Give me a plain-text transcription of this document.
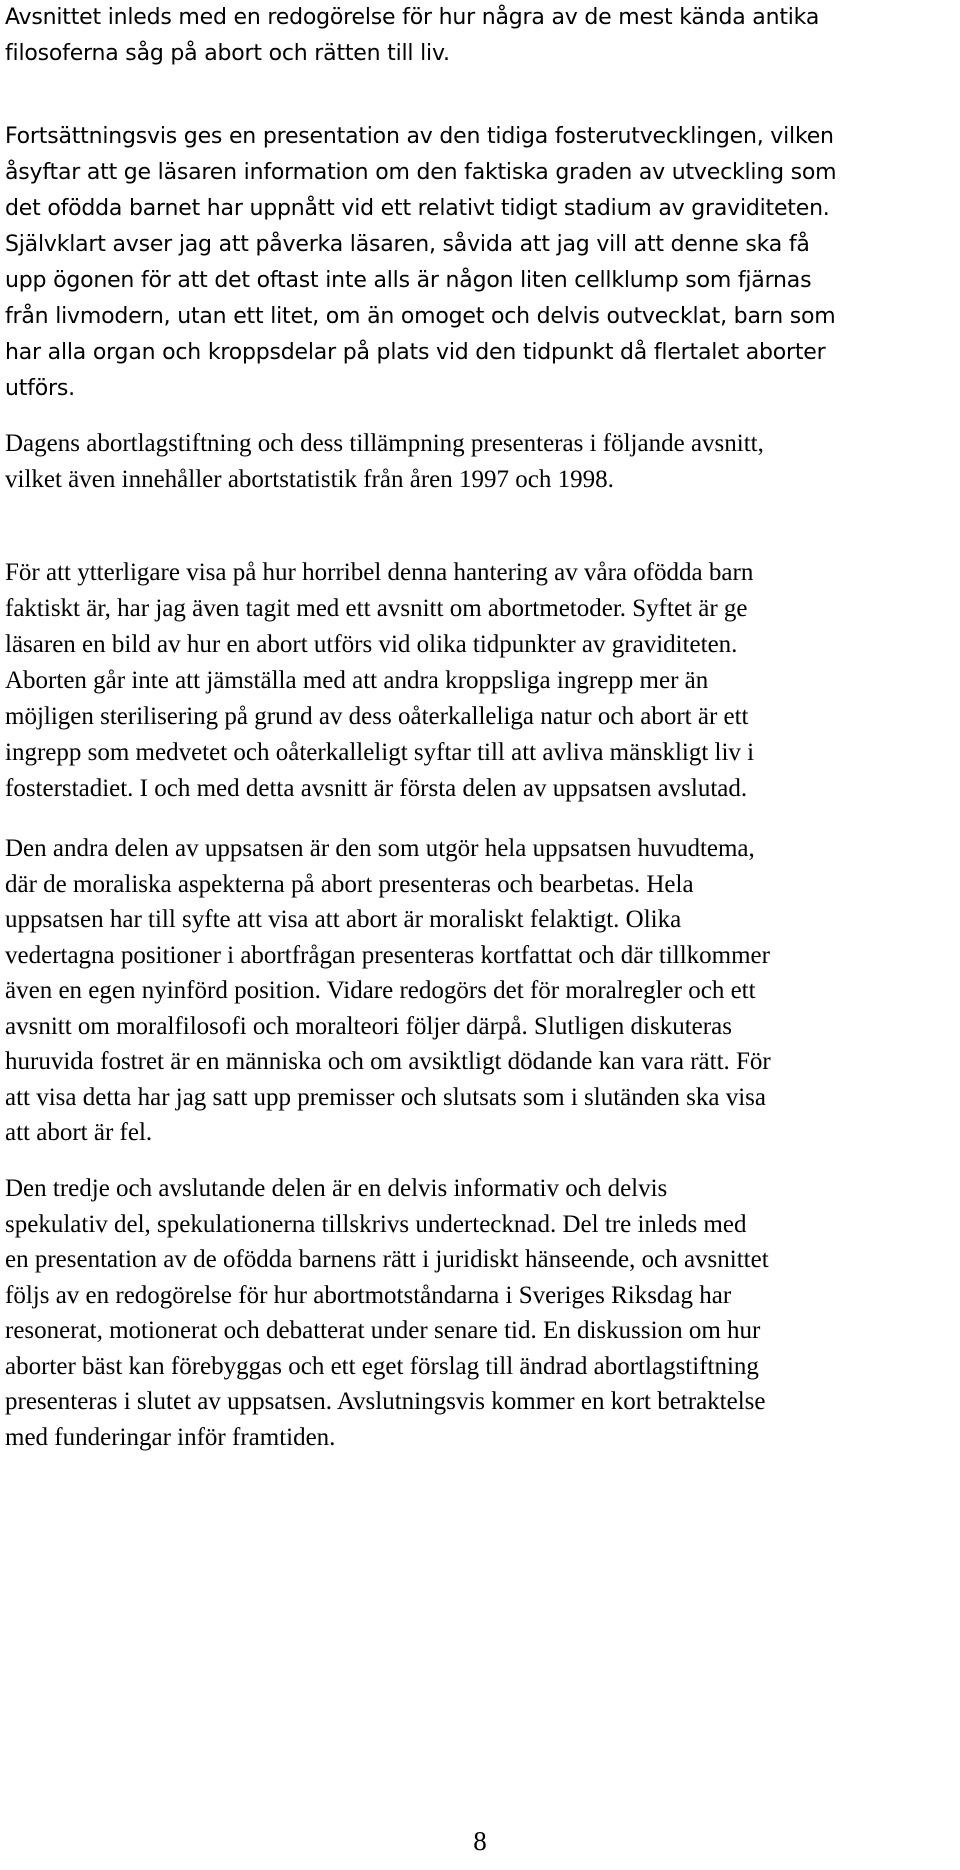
Avsnittet inleds med en redogörelse för hur några av de mest kända antika
filosoferna såg på abort och rätten till liv.

Fortsättningsvis ges en presentation av den tidiga fosterutvecklingen, vilken
åsyftar att ge läsaren information om den faktiska graden av utveckling som
det ofödda barnet har uppnått vid ett relativt tidigt stadium av graviditeten.
Självklart avser jag att påverka läsaren, såvida att jag vill att denne ska få
upp ögonen för att det oftast inte alls är någon liten cellklump som fjärnas
från livmodern, utan ett litet, om än omoget och delvis outvecklat, barn som
har alla organ och kroppsdelar på plats vid den tidpunkt då flertalet aborter
utförs.

Dagens abortlagstiftning och dess tillämpning presenteras i följande avsnitt,
vilket även innehåller abortstatistik från åren 1997 och 1998.

För att ytterligare visa på hur horribel denna hantering av våra ofödda barn
faktiskt är, har jag även tagit med ett avsnitt om abortmetoder. Syftet är ge
läsaren en bild av hur en abort utförs vid olika tidpunkter av graviditeten.
Aborten går inte att jämställa med att andra kroppsliga ingrepp mer än
möjligen sterilisering på grund av dess oåterkalleliga natur och abort är ett
ingrepp som medvetet och oåterkalleligt syftar till att avliva mänskligt liv i
fosterstadiet. I och med detta avsnitt är första delen av uppsatsen avslutad.

Den andra delen av uppsatsen är den som utgör hela uppsatsen huvudtema,
där de moraliska aspekterna på abort presenteras och bearbetas. Hela
uppsatsen har till syfte att visa att abort är moraliskt felaktigt. Olika
vedertagna positioner i abortfrågan presenteras kortfattat och där tillkommer
även en egen nyinförd position. Vidare redogörs det för moralregler och ett
avsnitt om moralfilosofi och moralteori följer därpå. Slutligen diskuteras
huruvida fostret är en människa och om avsiktligt dödande kan vara rätt. För
att visa detta har jag satt upp premisser och slutsats som i slutänden ska visa
att abort är fel.

Den tredje och avslutande delen är en delvis informativ och delvis
spekulativ del, spekulationerna tillskrivs undertecknad. Del tre inleds med
en presentation av de ofödda barnens rätt i juridiskt hänseende, och avsnittet
följs av en redogörelse för hur abortmotståndarna i Sveriges Riksdag har
resonerat, motionerat och debatterat under senare tid. En diskussion om hur
aborter bäst kan förebyggas och ett eget förslag till ändrad abortlagstiftning
presenteras i slutet av uppsatsen. Avslutningsvis kommer en kort betraktelse
med funderingar inför framtiden.

8
